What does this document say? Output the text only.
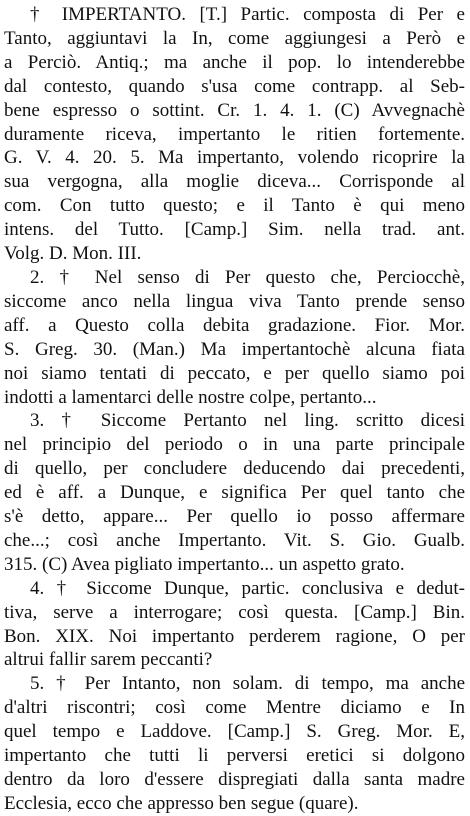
† IMPERTANTO. [T.] Partic. composta di Per e
Tanto, aggiuntavi la In, come aggiungesi a Però e
a Perciò. Antiq.; ma anche il pop. lo intenderebbe
dal contesto, quando s'usa come contrapp. al Seb-
bene espresso o sottint. Cr. 1. 4. 1. (C) Avvegnachè
duramente riceva, impertanto le ritien fortemente.
G. V. 4. 20. 5. Ma impertanto, volendo ricoprire la
sua vergogna, alla moglie diceva... Corrisponde al
com. Con tutto questo; e il Tanto è qui meno
intens. del Tutto. [Camp.] Sim. nella trad. ant.
Volg. D. Mon. III.
2. † Nel senso di Per questo che, Perciocchè,
siccome anco nella lingua viva Tanto prende senso
aff. a Questo colla debita gradazione. Fior. Mor.
S. Greg. 30. (Man.) Ma impertantochè alcuna fiata
noi siamo tentati di peccato, e per quello siamo poi
indotti a lamentarci delle nostre colpe, pertanto...
3. † Siccome Pertanto nel ling. scritto dicesi
nel principio del periodo o in una parte principale
di quello, per concludere deducendo dai precedenti,
ed è aff. a Dunque, e significa Per quel tanto che
s'è detto, appare... Per quello io posso affermare
che...; così anche Impertanto. Vit. S. Gio. Gualb.
315. (C) Avea pigliato impertanto... un aspetto grato.
4. † Siccome Dunque, partic. conclusiva e dedut-
tiva, serve a interrogare; così questa. [Camp.] Bin.
Bon. XIX. Noi impertanto perderem ragione, O per
altrui fallir sarem peccanti?
5. † Per Intanto, non solam. di tempo, ma anche
d'altri riscontri; così come Mentre diciamo e In
quel tempo e Laddove. [Camp.] S. Greg. Mor. E,
impertanto che tutti li perversi eretici si dolgono
dentro da loro d'essere dispregiati dalla santa madre
Ecclesia, ecco che appresso ben segue (quare).
